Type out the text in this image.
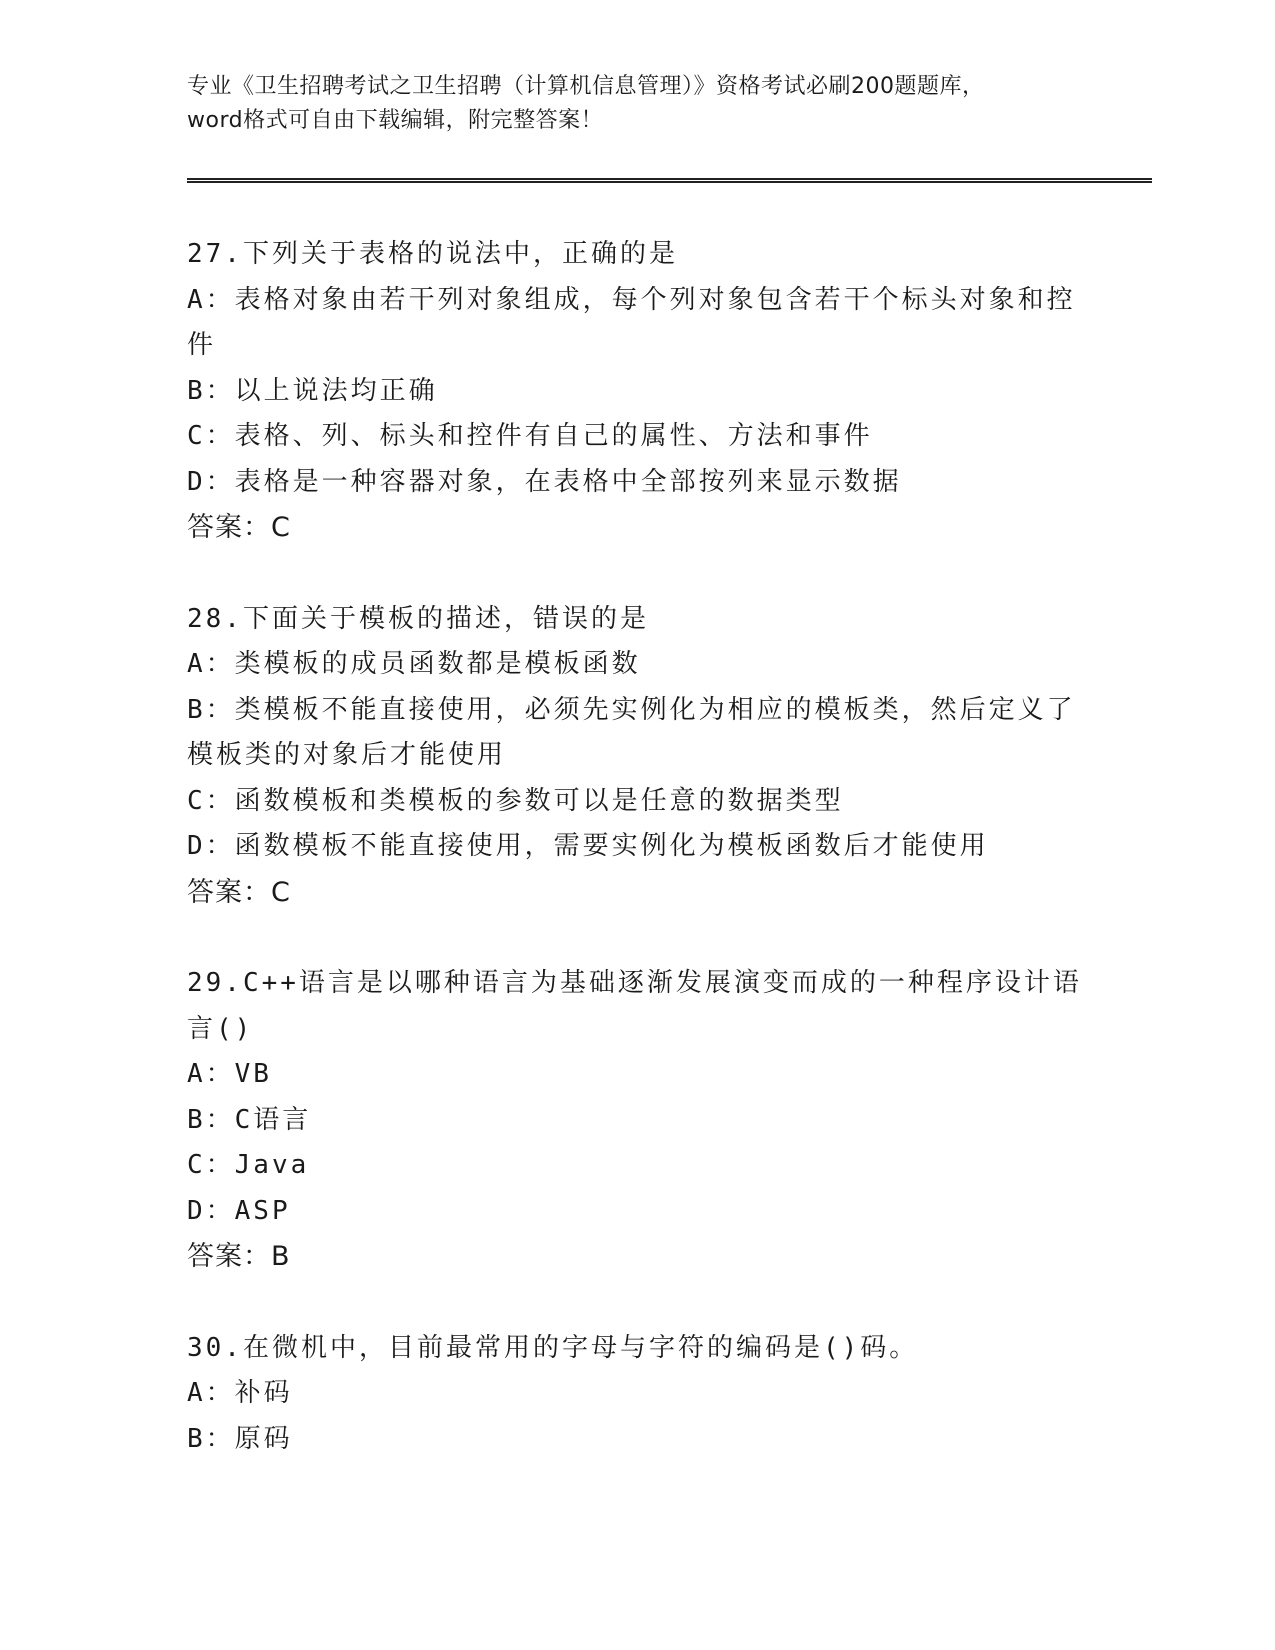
专业《卫生招聘考试之卫生招聘（计算机信息管理）》资格考试必刷200题题库，
word格式可自由下载编辑，附完整答案！
27.下列关于表格的说法中，正确的是
A：表格对象由若干列对象组成，每个列对象包含若干个标头对象和控
件
B：以上说法均正确
C：表格、列、标头和控件有自己的属性、方法和事件
D：表格是一种容器对象，在表格中全部按列来显示数据
答案：C
28.下面关于模板的描述，错误的是
A：类模板的成员函数都是模板函数
B：类模板不能直接使用，必须先实例化为相应的模板类，然后定义了
模板类的对象后才能使用
C：函数模板和类模板的参数可以是任意的数据类型
D：函数模板不能直接使用，需要实例化为模板函数后才能使用
答案：C
29.C++语言是以哪种语言为基础逐渐发展演变而成的一种程序设计语
言()
A：VB
B：C语言
C：Java
D：ASP
答案：B
30.在微机中，目前最常用的字母与字符的编码是()码。
A：补码
B：原码
